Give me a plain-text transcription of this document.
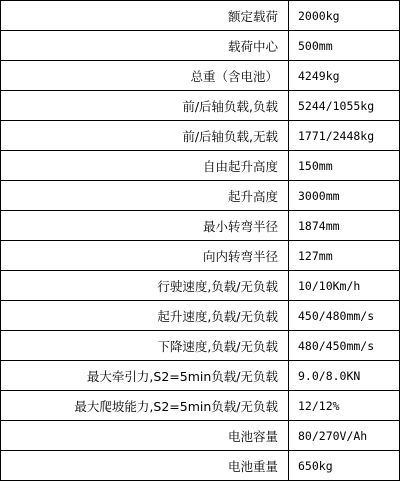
额定载荷	2000kg
载荷中心	500mm
总重（含电池）	4249kg
前/后轴负载,负载	5244/1055kg
前/后轴负载,无载	1771/2448kg
自由起升高度	150mm
起升高度	3000mm
最小转弯半径	1874mm
向内转弯半径	127mm
行驶速度,负载/无负载	10/10Km/h
起升速度,负载/无负载	450/480mm/s
下降速度,负载/无负载	480/450mm/s
最大牵引力,S2=5min负载/无负载	9.0/8.0KN
最大爬坡能力,S2=5min负载/无负载	12/12%
电池容量	80/270V/Ah
电池重量	650kg
